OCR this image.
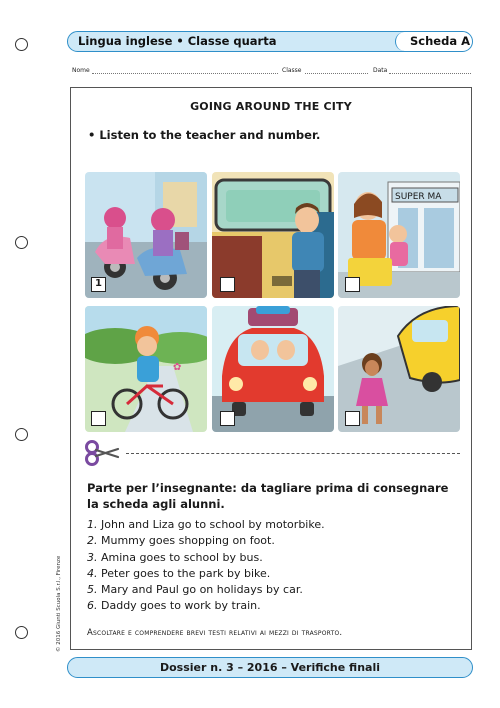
Lingua inglese • Classe quarta	Scheda A
Nome	Classe	Data
GOING AROUND THE CITY
• Listen to the teacher and number.
1
SUPER MA
✿
Parte per l’insegnante: da tagliare prima di consegnare la scheda agli alunni.
1. John and Liza go to school by motorbike.
2. Mummy goes shopping on foot.
3. Amina goes to school by bus.
4. Peter goes to the park by bike.
5. Mary and Paul go on holidays by car.
6. Daddy goes to work by train.
Ascoltare e comprendere brevi testi relativi ai mezzi di trasporto.
© 2016 Giunti Scuola S.r.l., Firenze
Dossier n. 3 – 2016 – Verifiche finali
